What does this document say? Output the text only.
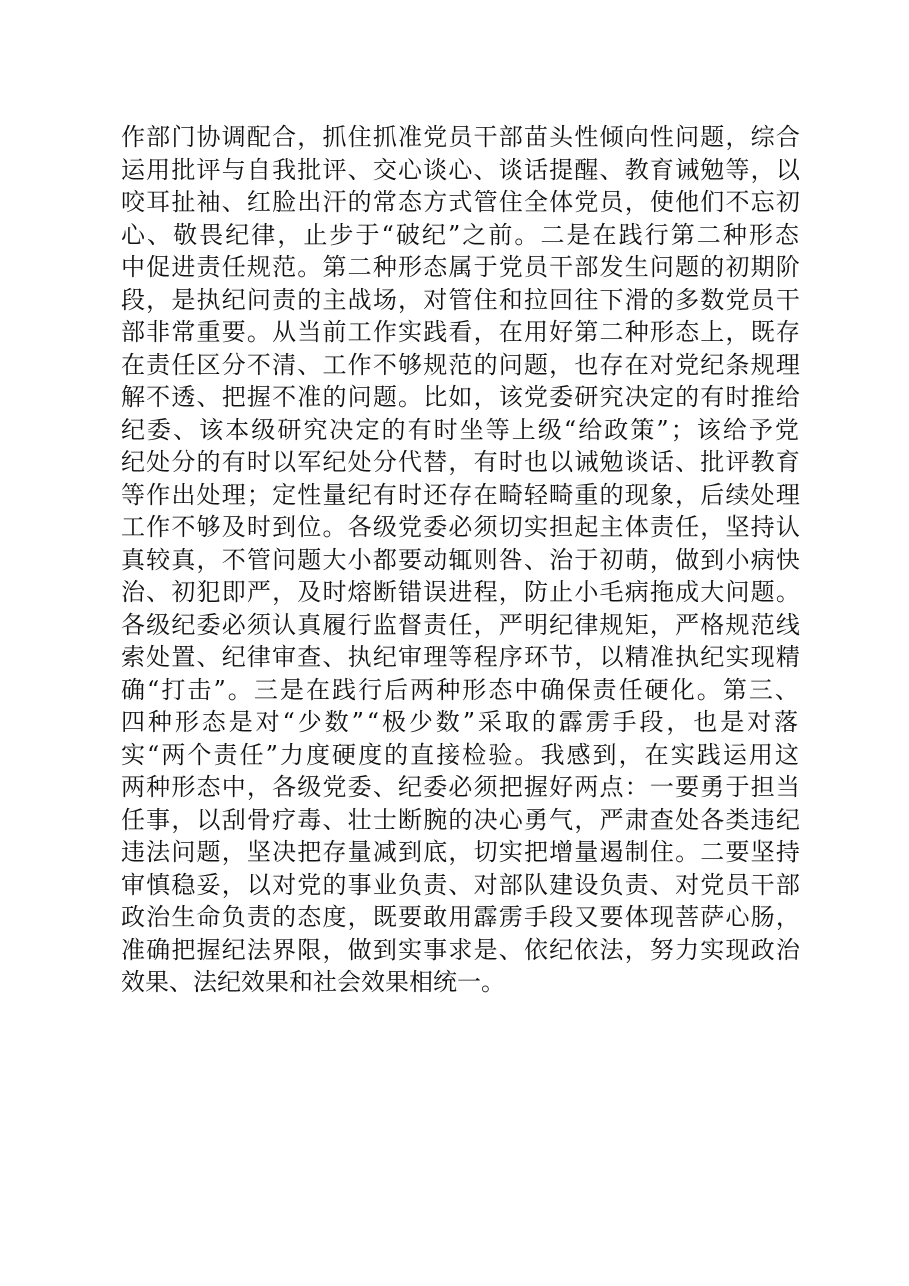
作部门协调配合，抓住抓准党员干部苗头性倾向性问题，综合
运用批评与自我批评、交心谈心、谈话提醒、教育诫勉等，以
咬耳扯袖、红脸出汗的常态方式管住全体党员，使他们不忘初
心、敬畏纪律，止步于“破纪”之前。二是在践行第二种形态
中促进责任规范。第二种形态属于党员干部发生问题的初期阶
段，是执纪问责的主战场，对管住和拉回往下滑的多数党员干
部非常重要。从当前工作实践看，在用好第二种形态上，既存
在责任区分不清、工作不够规范的问题，也存在对党纪条规理
解不透、把握不准的问题。比如，该党委研究决定的有时推给
纪委、该本级研究决定的有时坐等上级“给政策”；该给予党
纪处分的有时以军纪处分代替，有时也以诫勉谈话、批评教育
等作出处理；定性量纪有时还存在畸轻畸重的现象，后续处理
工作不够及时到位。各级党委必须切实担起主体责任，坚持认
真较真，不管问题大小都要动辄则咎、治于初萌，做到小病快
治、初犯即严，及时熔断错误进程，防止小毛病拖成大问题。
各级纪委必须认真履行监督责任，严明纪律规矩，严格规范线
索处置、纪律审查、执纪审理等程序环节，以精准执纪实现精
确“打击”。三是在践行后两种形态中确保责任硬化。第三、
四种形态是对“少数”“极少数”采取的霹雳手段，也是对落
实“两个责任”力度硬度的直接检验。我感到，在实践运用这
两种形态中，各级党委、纪委必须把握好两点：一要勇于担当
任事，以刮骨疗毒、壮士断腕的决心勇气，严肃查处各类违纪
违法问题，坚决把存量减到底，切实把增量遏制住。二要坚持
审慎稳妥，以对党的事业负责、对部队建设负责、对党员干部
政治生命负责的态度，既要敢用霹雳手段又要体现菩萨心肠，
准确把握纪法界限，做到实事求是、依纪依法，努力实现政治
效果、法纪效果和社会效果相统一。
